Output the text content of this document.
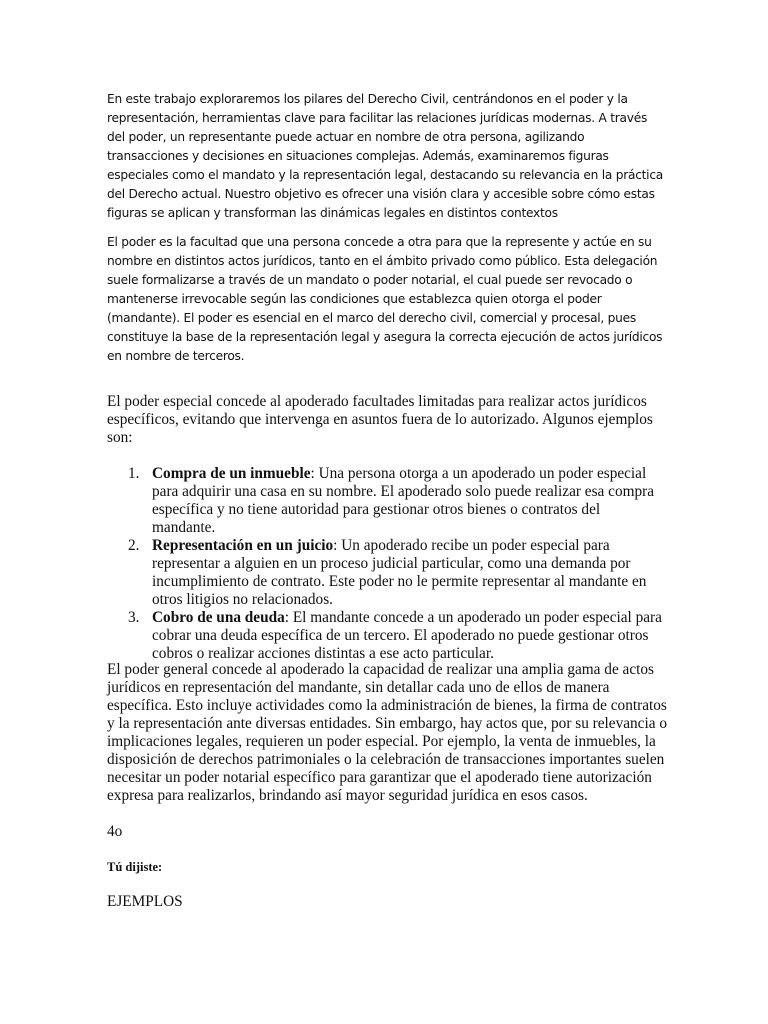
En este trabajo exploraremos los pilares del Derecho Civil, centrándonos en el poder y la representación, herramientas clave para facilitar las relaciones jurídicas modernas. A través del poder, un representante puede actuar en nombre de otra persona, agilizando transacciones y decisiones en situaciones complejas. Además, examinaremos figuras especiales como el mandato y la representación legal, destacando su relevancia en la práctica del Derecho actual. Nuestro objetivo es ofrecer una visión clara y accesible sobre cómo estas figuras se aplican y transforman las dinámicas legales en distintos contextos

El poder es la facultad que una persona concede a otra para que la represente y actúe en su nombre en distintos actos jurídicos, tanto en el ámbito privado como público. Esta delegación suele formalizarse a través de un mandato o poder notarial, el cual puede ser revocado o mantenerse irrevocable según las condiciones que establezca quien otorga el poder (mandante). El poder es esencial en el marco del derecho civil, comercial y procesal, pues constituye la base de la representación legal y asegura la correcta ejecución de actos jurídicos en nombre de terceros.

El poder especial concede al apoderado facultades limitadas para realizar actos jurídicos específicos, evitando que intervenga en asuntos fuera de lo autorizado. Algunos ejemplos son:

1. Compra de un inmueble: Una persona otorga a un apoderado un poder especial para adquirir una casa en su nombre. El apoderado solo puede realizar esa compra específica y no tiene autoridad para gestionar otros bienes o contratos del mandante.
2. Representación en un juicio: Un apoderado recibe un poder especial para representar a alguien en un proceso judicial particular, como una demanda por incumplimiento de contrato. Este poder no le permite representar al mandante en otros litigios no relacionados.
3. Cobro de una deuda: El mandante concede a un apoderado un poder especial para cobrar una deuda específica de un tercero. El apoderado no puede gestionar otros cobros o realizar acciones distintas a ese acto particular.

El poder general concede al apoderado la capacidad de realizar una amplia gama de actos jurídicos en representación del mandante, sin detallar cada uno de ellos de manera específica. Esto incluye actividades como la administración de bienes, la firma de contratos y la representación ante diversas entidades. Sin embargo, hay actos que, por su relevancia o implicaciones legales, requieren un poder especial. Por ejemplo, la venta de inmuebles, la disposición de derechos patrimoniales o la celebración de transacciones importantes suelen necesitar un poder notarial específico para garantizar que el apoderado tiene autorización expresa para realizarlos, brindando así mayor seguridad jurídica en esos casos.

4o

Tú dijiste:

EJEMPLOS
